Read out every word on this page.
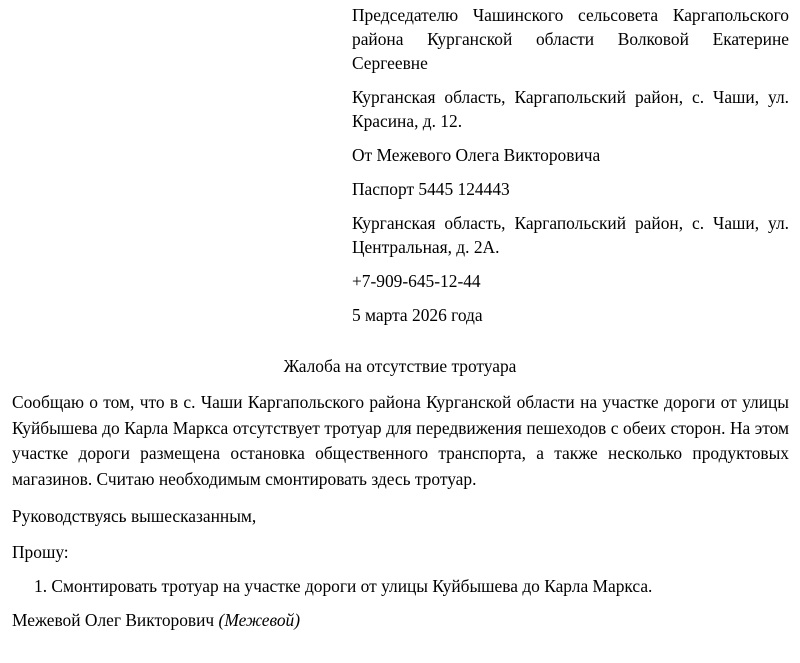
Председателю Чашинского сельсовета Каргапольского района Курганской области Волковой Екатерине Сергеевне

Курганская область, Каргапольский район, с. Чаши, ул. Красина, д. 12.

От Межевого Олега Викторовича

Паспорт 5445 124443

Курганская область, Каргапольский район, с. Чаши, ул. Центральная, д. 2А.

+7-909-645-12-44

5 марта 2026 года

Жалоба на отсутствие тротуара

Сообщаю о том, что в с. Чаши Каргапольского района Курганской области на участке дороги от улицы Куйбышева до Карла Маркса отсутствует тротуар для передвижения пешеходов с обеих сторон. На этом участке дороги размещена остановка общественного транспорта, а также несколько продуктовых магазинов. Считаю необходимым смонтировать здесь тротуар.

Руководствуясь вышесказанным,

Прошу:

1. Смонтировать тротуар на участке дороги от улицы Куйбышева до Карла Маркса.

Межевой Олег Викторович (Межевой)
